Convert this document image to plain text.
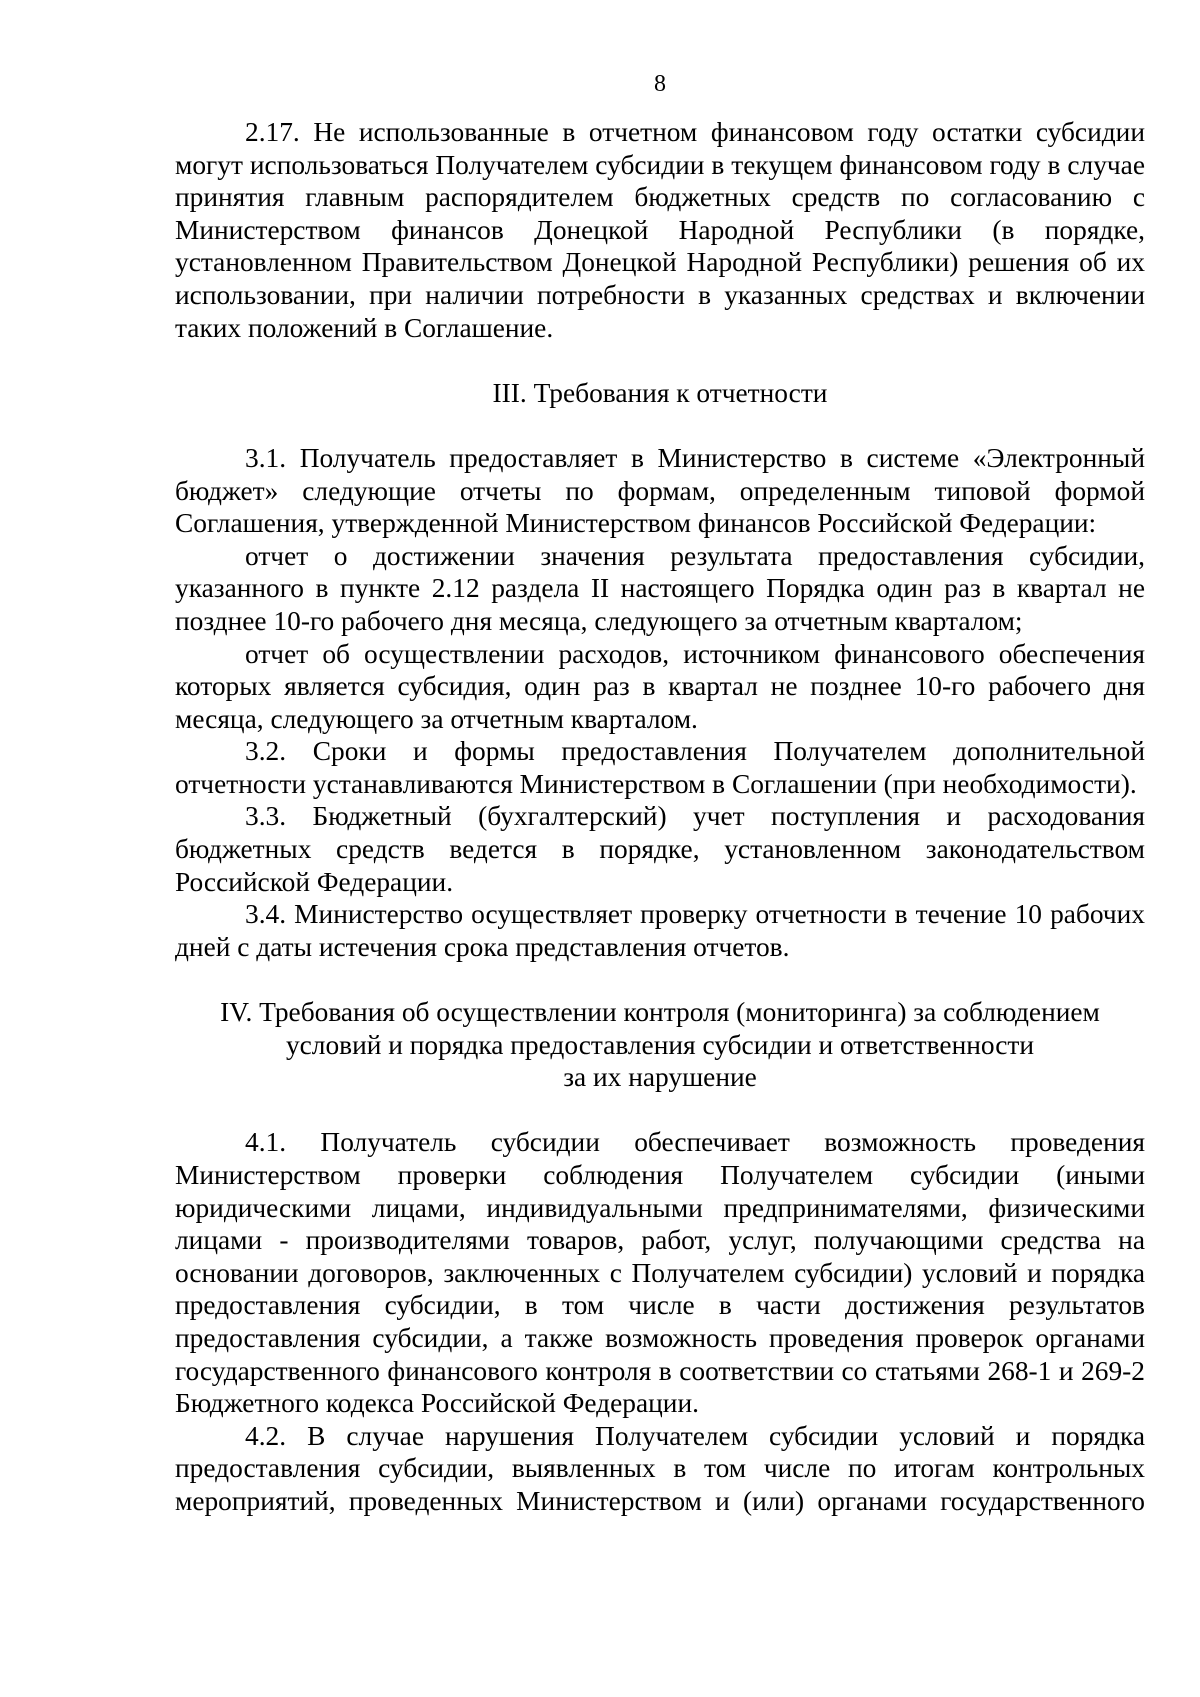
8

2.17. Не использованные в отчетном финансовом году остатки субсидии могут использоваться Получателем субсидии в текущем финансовом году в случае принятия главным распорядителем бюджетных средств по согласованию с Министерством финансов Донецкой Народной Республики (в порядке, установленном Правительством Донецкой Народной Республики) решения об их использовании, при наличии потребности в указанных средствах и включении таких положений в Соглашение.

III. Требования к отчетности

3.1. Получатель предоставляет в Министерство в системе «Электронный бюджет» следующие отчеты по формам, определенным типовой формой Соглашения, утвержденной Министерством финансов Российской Федерации:

отчет о достижении значения результата предоставления субсидии, указанного в пункте 2.12 раздела II настоящего Порядка один раз в квартал не позднее 10-го рабочего дня месяца, следующего за отчетным кварталом;

отчет об осуществлении расходов, источником финансового обеспечения которых является субсидия, один раз в квартал не позднее 10-го рабочего дня месяца, следующего за отчетным кварталом.

3.2. Сроки и формы предоставления Получателем дополнительной отчетности устанавливаются Министерством в Соглашении (при необходимости).

3.3. Бюджетный (бухгалтерский) учет поступления и расходования бюджетных средств ведется в порядке, установленном законодательством Российской Федерации.

3.4. Министерство осуществляет проверку отчетности в течение 10 рабочих дней с даты истечения срока представления отчетов.

IV. Требования об осуществлении контроля (мониторинга) за соблюдением

условий и порядка предоставления субсидии и ответственности

за их нарушение

4.1. Получатель субсидии обеспечивает возможность проведения Министерством проверки соблюдения Получателем субсидии (иными юридическими лицами, индивидуальными предпринимателями, физическими лицами - производителями товаров, работ, услуг, получающими средства на основании договоров, заключенных с Получателем субсидии) условий и порядка предоставления субсидии, в том числе в части достижения результатов предоставления субсидии, а также возможность проведения проверок органами государственного финансового контроля в соответствии со статьями 268-1 и 269-2 Бюджетного кодекса Российской Федерации.

4.2. В случае нарушения Получателем субсидии условий и порядка предоставления субсидии, выявленных в том числе по итогам контрольных мероприятий, проведенных Министерством и (или) органами государственного
